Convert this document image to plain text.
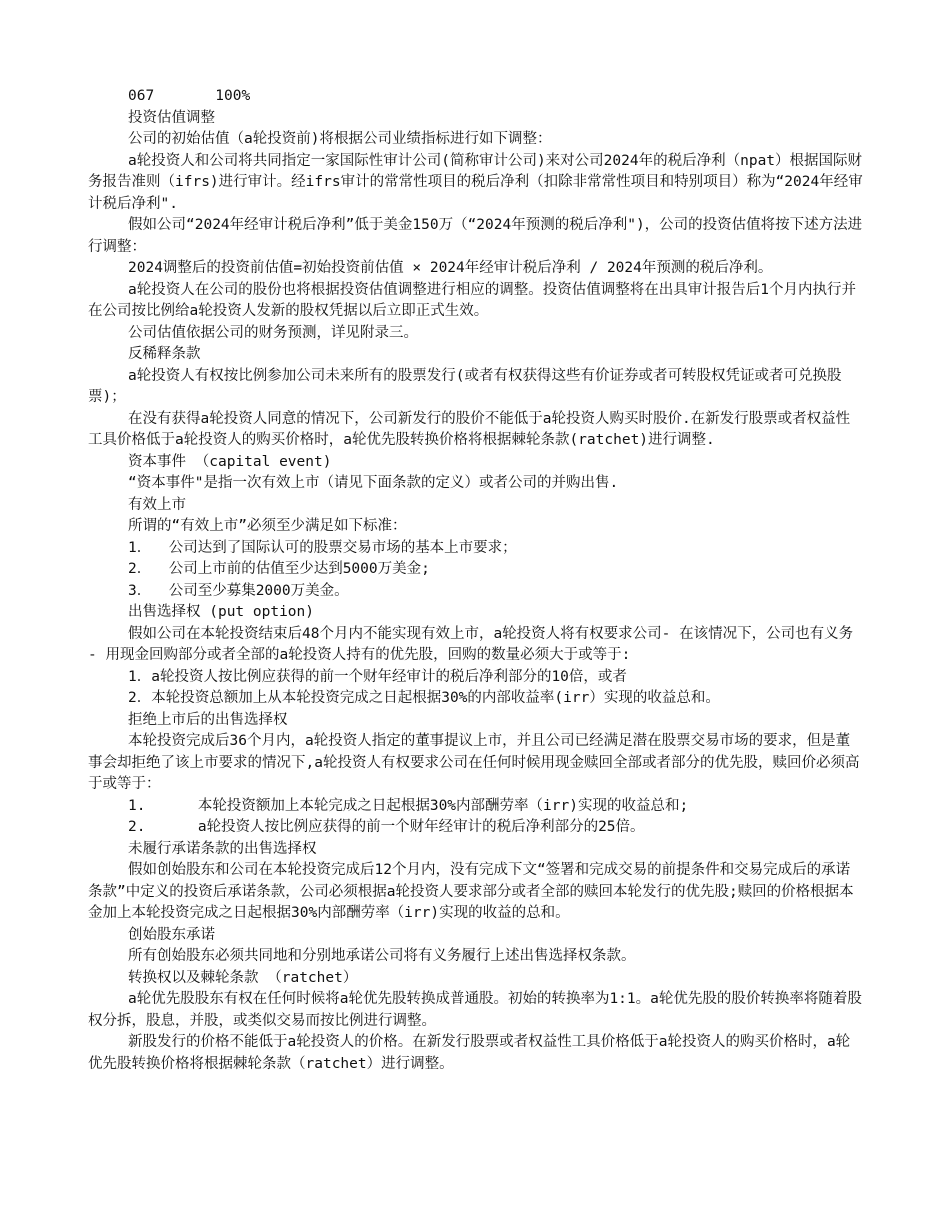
067       100%

投资估值调整

公司的初始估值（a轮投资前)将根据公司业绩指标进行如下调整：

a轮投资人和公司将共同指定一家国际性审计公司(简称审计公司)来对公司2024年的税后净利（npat）根据国际财务报告准则（ifrs)进行审计。经ifrs审计的常常性项目的税后净利（扣除非常常性项目和特别项目）称为“2024年经审计税后净利".

假如公司“2024年经审计税后净利”低于美金150万（“2024年预测的税后净利")，公司的投资估值将按下述方法进行调整：

2024调整后的投资前估值=初始投资前估值 × 2024年经审计税后净利 / 2024年预测的税后净利。

a轮投资人在公司的股份也将根据投资估值调整进行相应的调整。投资估值调整将在出具审计报告后1个月内执行并在公司按比例给a轮投资人发新的股权凭据以后立即正式生效。

公司估值依据公司的财务预测，详见附录三。

反稀释条款

a轮投资人有权按比例参加公司未来所有的股票发行(或者有权获得这些有价证券或者可转股权凭证或者可兑换股票)；

在没有获得a轮投资人同意的情况下，公司新发行的股价不能低于a轮投资人购买时股价.在新发行股票或者权益性工具价格低于a轮投资人的购买价格时，a轮优先股转换价格将根据棘轮条款(ratchet)进行调整.

资本事件 （capital event)

“资本事件"是指一次有效上市（请见下面条款的定义）或者公司的并购出售.

有效上市

所谓的“有效上市”必须至少满足如下标准：

1．  公司达到了国际认可的股票交易市场的基本上市要求；

2．  公司上市前的估值至少达到5000万美金;

3．  公司至少募集2000万美金。

出售选择权 (put option)

假如公司在本轮投资结束后48个月内不能实现有效上市，a轮投资人将有权要求公司- 在该情况下，公司也有义务 - 用现金回购部分或者全部的a轮投资人持有的优先股，回购的数量必须大于或等于:

1．a轮投资人按比例应获得的前一个财年经审计的税后净利部分的10倍，或者

2．本轮投资总额加上从本轮投资完成之日起根据30%的内部收益率(irr）实现的收益总和。

拒绝上市后的出售选择权

本轮投资完成后36个月内，a轮投资人指定的董事提议上市，并且公司已经满足潜在股票交易市场的要求，但是董事会却拒绝了该上市要求的情况下,a轮投资人有权要求公司在任何时候用现金赎回全部或者部分的优先股，赎回价必须高于或等于：

1.      本轮投资额加上本轮完成之日起根据30%内部酬劳率（irr)实现的收益总和;

2.      a轮投资人按比例应获得的前一个财年经审计的税后净利部分的25倍。

未履行承诺条款的出售选择权

假如创始股东和公司在本轮投资完成后12个月内，没有完成下文“签署和完成交易的前提条件和交易完成后的承诺条款”中定义的投资后承诺条款，公司必须根据a轮投资人要求部分或者全部的赎回本轮发行的优先股;赎回的价格根据本金加上本轮投资完成之日起根据30%内部酬劳率（irr)实现的收益的总和。

创始股东承诺

所有创始股东必须共同地和分别地承诺公司将有义务履行上述出售选择权条款。

转换权以及棘轮条款 （ratchet）

a轮优先股股东有权在任何时候将a轮优先股转换成普通股。初始的转换率为1:1。a轮优先股的股价转换率将随着股权分拆，股息，并股，或类似交易而按比例进行调整。

新股发行的价格不能低于a轮投资人的价格。在新发行股票或者权益性工具价格低于a轮投资人的购买价格时，a轮优先股转换价格将根据棘轮条款（ratchet）进行调整。
